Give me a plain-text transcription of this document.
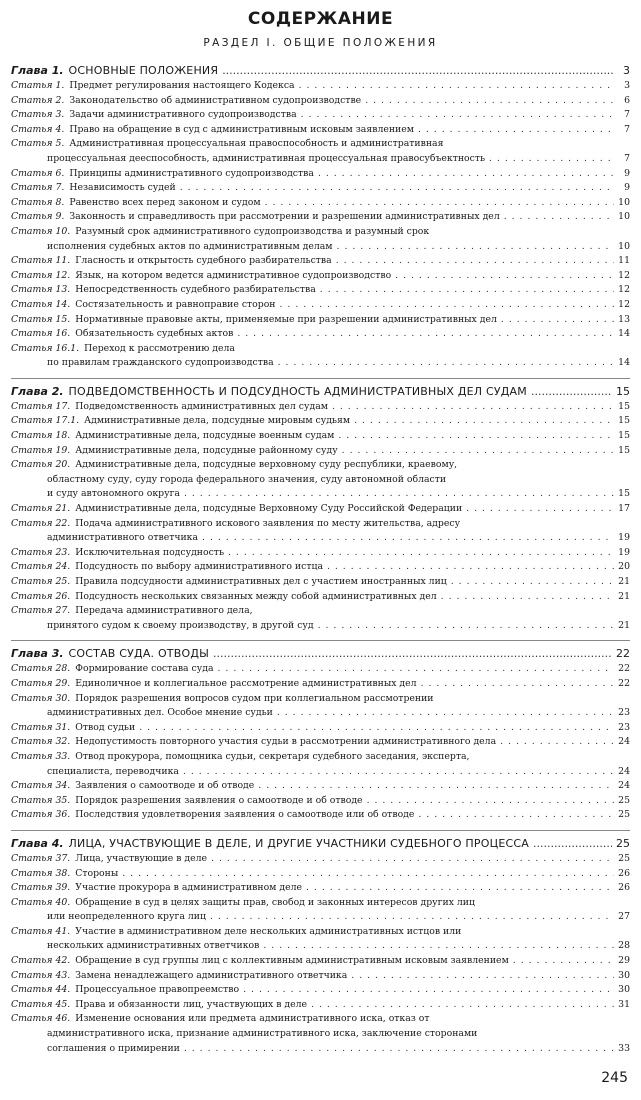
СОДЕРЖАНИЕ
РАЗДЕЛ I. ОБЩИЕ ПОЛОЖЕНИЯ
Глава 1. ОСНОВНЫЕ ПОЛОЖЕНИЯ .....	3
Статья 1. Предмет регулирования настоящего Кодекса . . .	3
Статья 2. Законодательство об административном судопроизводстве . . .	6
Статья 3. Задачи административного судопроизводства . . .	7
Статья 4. Право на обращение в суд с административным исковым заявлением . . .	7
Статья 5. Административная процессуальная правоспособность и административная
процессуальная дееспособность, административная процессуальная правосубъектность . . .	7
Статья 6. Принципы административного судопроизводства . . .	9
Статья 7. Независимость судей . . .	9
Статья 8. Равенство всех перед законом и судом . . .	10
Статья 9. Законность и справедливость при рассмотрении и разрешении административных дел . . .	10
Статья 10. Разумный срок административного судопроизводства и разумный срок
исполнения судебных актов по административным делам . . .	10
Статья 11. Гласность и открытость судебного разбирательства . . .	11
Статья 12. Язык, на котором ведется административное судопроизводство . . .	12
Статья 13. Непосредственность судебного разбирательства . . .	12
Статья 14. Состязательность и равноправие сторон . . .	12
Статья 15. Нормативные правовые акты, применяемые при разрешении административных дел . . .	13
Статья 16. Обязательность судебных актов . . .	14
Статья 16.1. Переход к рассмотрению дела
по правилам гражданского судопроизводства . . .	14
Глава 2. ПОДВЕДОМСТВЕННОСТЬ И ПОДСУДНОСТЬ АДМИНИСТРАТИВНЫХ ДЕЛ СУДАМ .....	15
Статья 17. Подведомственность административных дел судам . . .	15
Статья 17.1. Административные дела, подсудные мировым судьям . . .	15
Статья 18. Административные дела, подсудные военным судам . . .	15
Статья 19. Административные дела, подсудные районному суду . . .	15
Статья 20. Административные дела, подсудные верховному суду республики, краевому,
областному суду, суду города федерального значения, суду автономной области
и суду автономного округа . . .	15
Статья 21. Административные дела, подсудные Верховному Суду Российской Федерации . . .	17
Статья 22. Подача административного искового заявления по месту жительства, адресу
административного ответчика . . .	19
Статья 23. Исключительная подсудность . . .	19
Статья 24. Подсудность по выбору административного истца . . .	20
Статья 25. Правила подсудности административных дел с участием иностранных лиц . . .	21
Статья 26. Подсудность нескольких связанных между собой административных дел . . .	21
Статья 27. Передача административного дела,
принятого судом к своему производству, в другой суд . . .	21
Глава 3. СОСТАВ СУДА. ОТВОДЫ .....	22
Статья 28. Формирование состава суда . . .	22
Статья 29. Единоличное и коллегиальное рассмотрение административных дел . . .	22
Статья 30. Порядок разрешения вопросов судом при коллегиальном рассмотрении
административных дел. Особое мнение судьи . . .	23
Статья 31. Отвод судьи . . .	23
Статья 32. Недопустимость повторного участия судьи в рассмотрении административного дела . . .	24
Статья 33. Отвод прокурора, помощника судьи, секретаря судебного заседания, эксперта,
специалиста, переводчика . . .	24
Статья 34. Заявления о самоотводе и об отводе . . .	24
Статья 35. Порядок разрешения заявления о самоотводе и об отводе . . .	25
Статья 36. Последствия удовлетворения заявления о самоотводе или об отводе . . .	25
Глава 4. ЛИЦА, УЧАСТВУЮЩИЕ В ДЕЛЕ, И ДРУГИЕ УЧАСТНИКИ СУДЕБНОГО ПРОЦЕССА .....	25
Статья 37. Лица, участвующие в деле . . .	25
Статья 38. Стороны . . .	26
Статья 39. Участие прокурора в административном деле . . .	26
Статья 40. Обращение в суд в целях защиты прав, свобод и законных интересов других лиц
или неопределенного круга лиц . . .	27
Статья 41. Участие в административном деле нескольких административных истцов или
нескольких административных ответчиков . . .	28
Статья 42. Обращение в суд группы лиц с коллективным административным исковым заявлением . . .	29
Статья 43. Замена ненадлежащего административного ответчика . . .	30
Статья 44. Процессуальное правопреемство . . .	30
Статья 45. Права и обязанности лиц, участвующих в деле . . .	31
Статья 46. Изменение основания или предмета административного иска, отказ от
административного иска, признание административного иска, заключение сторонами
соглашения о примирении . . .	33
245
